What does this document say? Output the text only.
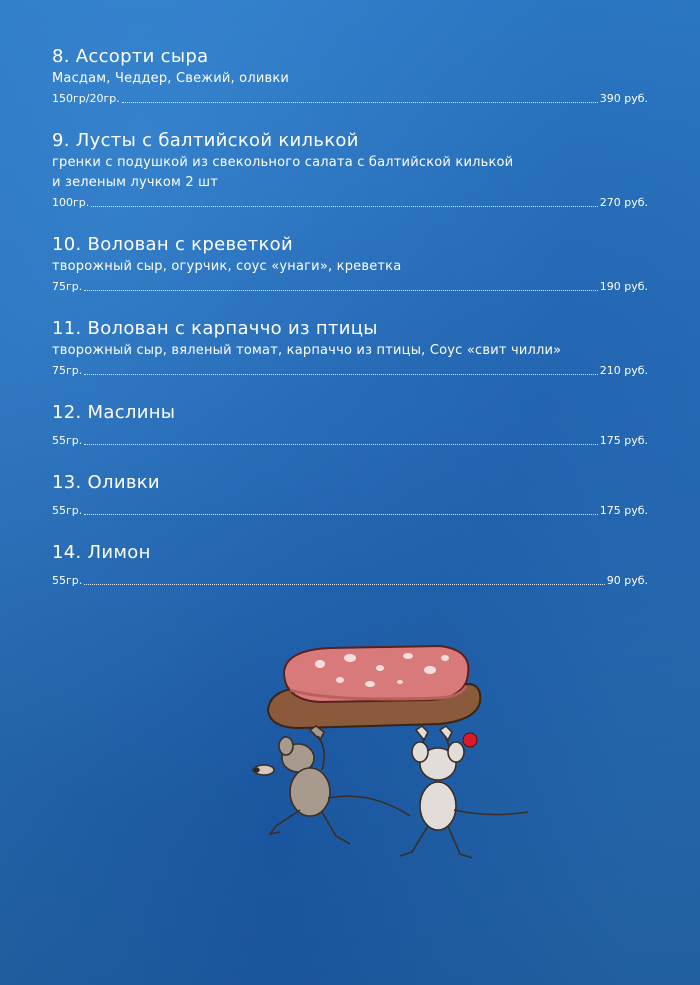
8. Ассорти сыра
Масдам, Чеддер, Свежий, оливки
150гр/20гр.	390 руб.
9. Лусты с балтийской килькой
гренки с подушкой из свекольного салата с балтийской килькой
и зеленым лучком 2 шт
100гр.	270 руб.
10. Волован с креветкой
творожный сыр, огурчик, соус «унаги», креветка
75гр.	190 руб.
11. Волован с карпаччо из птицы
творожный сыр, вяленый томат, карпаччо из птицы, Соус «свит чилли»
75гр.	210 руб.
12. Маслины
55гр.	175 руб.
13. Оливки
55гр.	175 руб.
14. Лимон
55гр.	90 руб.
